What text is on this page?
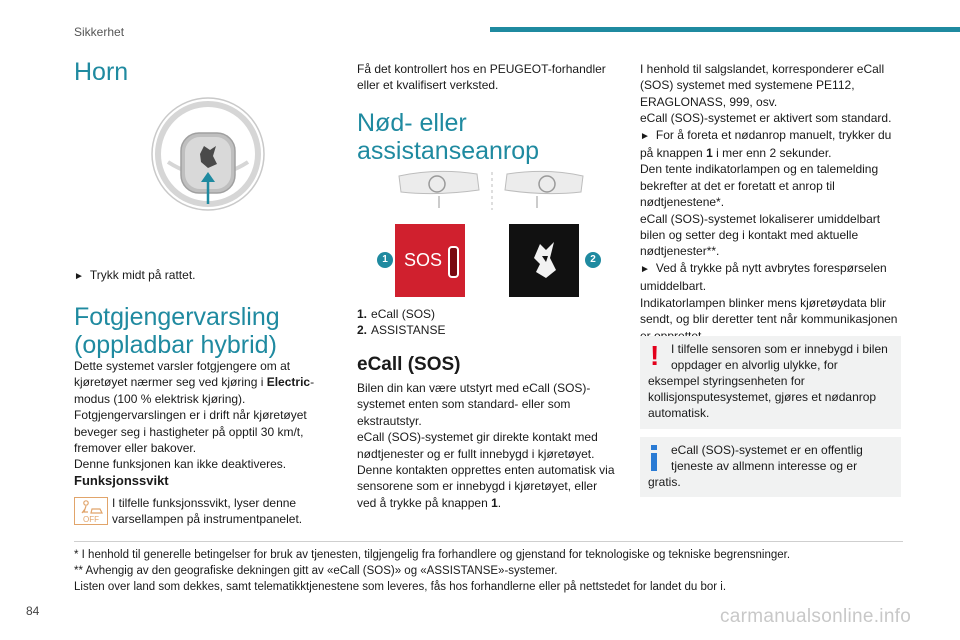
Sikkerhet
Horn
► Trykk midt på rattet.
Fotgjengervarsling
(oppladbar hybrid)
Dette systemet varsler fotgjengere om at
kjøretøyet nærmer seg ved kjøring i Electric-
modus (100 % elektrisk kjøring).
Fotgjengervarslingen er i drift når kjøretøyet
beveger seg i hastigheter på opptil 30 km/t,
fremover eller bakover.
Denne funksjonen kan ikke deaktiveres.
Funksjonssvikt
OFF
I tilfelle funksjonssvikt, lyser denne
varsellampen på instrumentpanelet.
Få det kontrollert hos en PEUGEOT-forhandler
eller et kvalifisert verksted.
Nød- eller
assistanseanrop
SOS
1	2
1. eCall (SOS)
2. ASSISTANSE
eCall (SOS)
Bilen din kan være utstyrt med eCall (SOS)-
systemet enten som standard- eller som
ekstrautstyr.
eCall (SOS)-systemet gir direkte kontakt med
nødtjenester og er fullt innebygd i kjøretøyet.
Denne kontakten opprettes enten automatisk via
sensorene som er innebygd i kjøretøyet, eller
ved å trykke på knappen 1.
I henhold til salgslandet, korresponderer eCall
(SOS) systemet med systemene PE112,
ERAGLONASS, 999, osv.
eCall (SOS)-systemet er aktivert som standard.
► For å foreta et nødanrop manuelt, trykker du
på knappen 1 i mer enn 2 sekunder.
Den tente indikatorlampen og en talemelding
bekrefter at det er foretatt et anrop til
nødtjenestene*.
eCall (SOS)-systemet lokaliserer umiddelbart
bilen og setter deg i kontakt med aktuelle
nødtjenester**.
► Ved å trykke på nytt avbrytes forespørselen
umiddelbart.
Indikatorlampen blinker mens kjøretøydata blir
sendt, og blir deretter tent når kommunikasjonen
! I tilfelle sensoren som er innebygd i bilen
oppdager en alvorlig ulykke, for
eksempel styringsenheten for
kollisjonsputesystemet, gjøres et nødanrop
automatisk.
eCall (SOS)-systemet er en offentlig
tjeneste av allmenn interesse og er
gratis.
* I henhold til generelle betingelser for bruk av tjenesten, tilgjengelig fra forhandlere og gjenstand for teknologiske og tekniske begrensninger.
** Avhengig av den geografiske dekningen gitt av «eCall (SOS)» og «ASSISTANSE»-systemer.
Listen over land som dekkes, samt telematikktjenestene som leveres, fås hos forhandlerne eller på nettstedet for landet du bor i.
84	carmanualsonline.info
